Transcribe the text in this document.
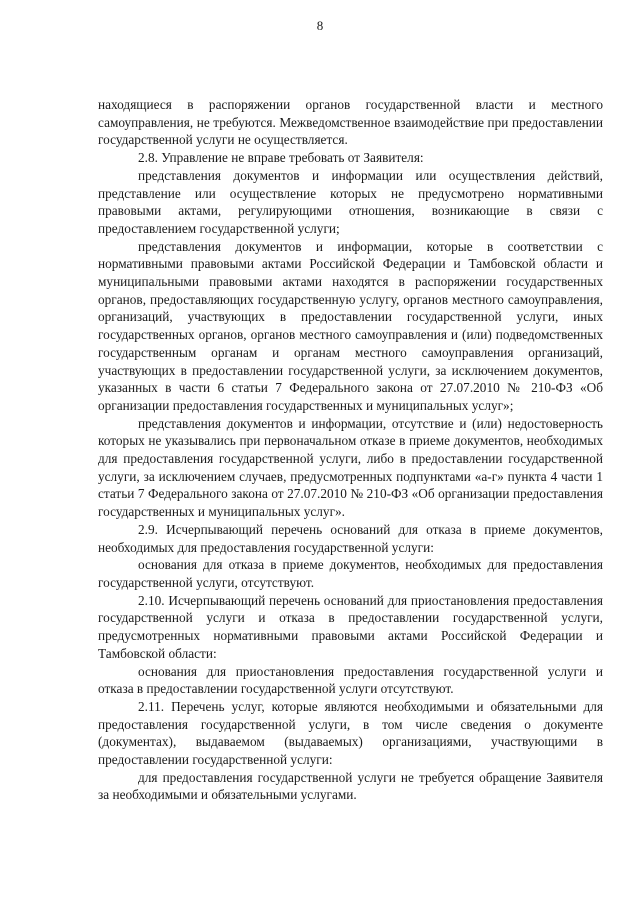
8

находящиеся в распоряжении органов государственной власти и местного самоуправления, не требуются. Межведомственное взаимодействие при предоставлении государственной услуги не осуществляется.

2.8. Управление не вправе требовать от Заявителя:

представления документов и информации или осуществления действий, представление или осуществление которых не предусмотрено нормативными правовыми актами, регулирующими отношения, возникающие в связи с предоставлением государственной услуги;

представления документов и информации, которые в соответствии с нормативными правовыми актами Российской Федерации и Тамбовской области и муниципальными правовыми актами находятся в распоряжении государственных органов, предоставляющих государственную услугу, органов местного самоуправления, организаций, участвующих в предоставлении государственной услуги, иных государственных органов, органов местного самоуправления и (или) подведомственных государственным органам и органам местного самоуправления организаций, участвующих в предоставлении государственной услуги, за исключением документов, указанных в части 6 статьи 7 Федерального закона от 27.07.2010 № 210-ФЗ «Об организации предоставления государственных и муниципальных услуг»;

представления документов и информации, отсутствие и (или) недостоверность которых не указывались при первоначальном отказе в приеме документов, необходимых для предоставления государственной услуги, либо в предоставлении государственной услуги, за исключением случаев, предусмотренных подпунктами «а-г» пункта 4 части 1 статьи 7 Федерального закона от 27.07.2010 № 210-ФЗ «Об организации предоставления государственных и муниципальных услуг».

2.9. Исчерпывающий перечень оснований для отказа в приеме документов, необходимых для предоставления государственной услуги:

основания для отказа в приеме документов, необходимых для предоставления государственной услуги, отсутствуют.

2.10. Исчерпывающий перечень оснований для приостановления предоставления государственной услуги и отказа в предоставлении государственной услуги, предусмотренных нормативными правовыми актами Российской Федерации и Тамбовской области:

основания для приостановления предоставления государственной услуги и отказа в предоставлении государственной услуги отсутствуют.

2.11. Перечень услуг, которые являются необходимыми и обязательными для предоставления государственной услуги, в том числе сведения о документе (документах), выдаваемом (выдаваемых) организациями, участвующими в предоставлении государственной услуги:

для предоставления государственной услуги не требуется обращение Заявителя за необходимыми и обязательными услугами.
